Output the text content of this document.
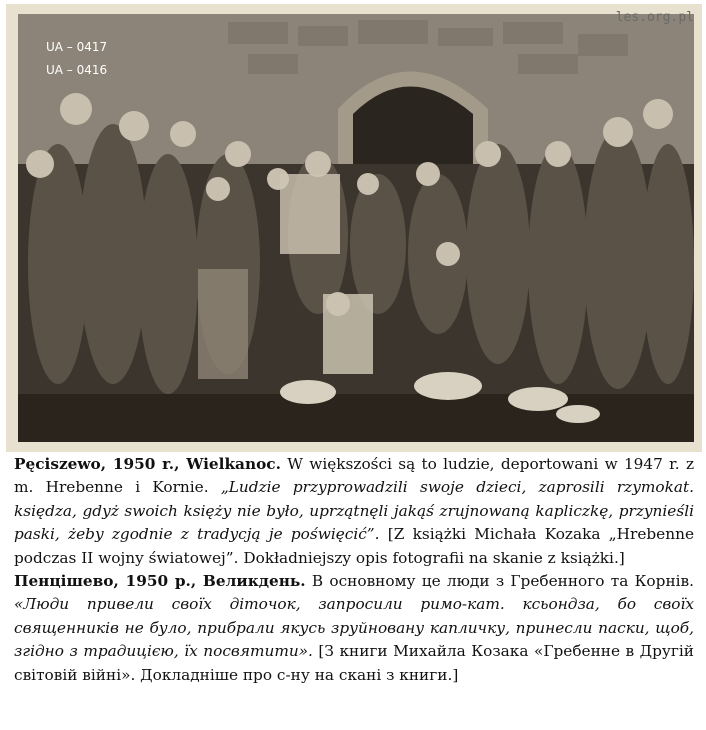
UA – 0417
UA – 0416
les.org.pl

Pęciszewo, 1950 r., Wielkanoc. W większości są to ludzie, deportowani w 1947 r. z m. Hrebenne i Kornie. „Ludzie przyprowadzili swoje dzieci, zaprosili rzymokat. księdza, gdyż swoich księży nie było, uprzątnęli jakąś zrujnowaną kapliczkę, przynieśli paski, żeby zgodnie z tradycją je poświęcić”. [Z książki Michała Kozaka „Hrebenne podczas II wojny światowej”. Dokładniejszy opis fotografii na skanie z książki.]

Пенцішево, 1950 р., Великдень. В основному це люди з Гребенного та Корнів. «Люди привели своїх діточок, запросили римо-кат. ксьондза, бо своїх священників не було, прибрали якусь зруйновану капличку, принесли паски, щоб, згідно з традицією, їх посвятити». [З книги Михайла Козака «Гребенне в Другій світовій війні». Докладніше про с-ну на скані з книги.]
